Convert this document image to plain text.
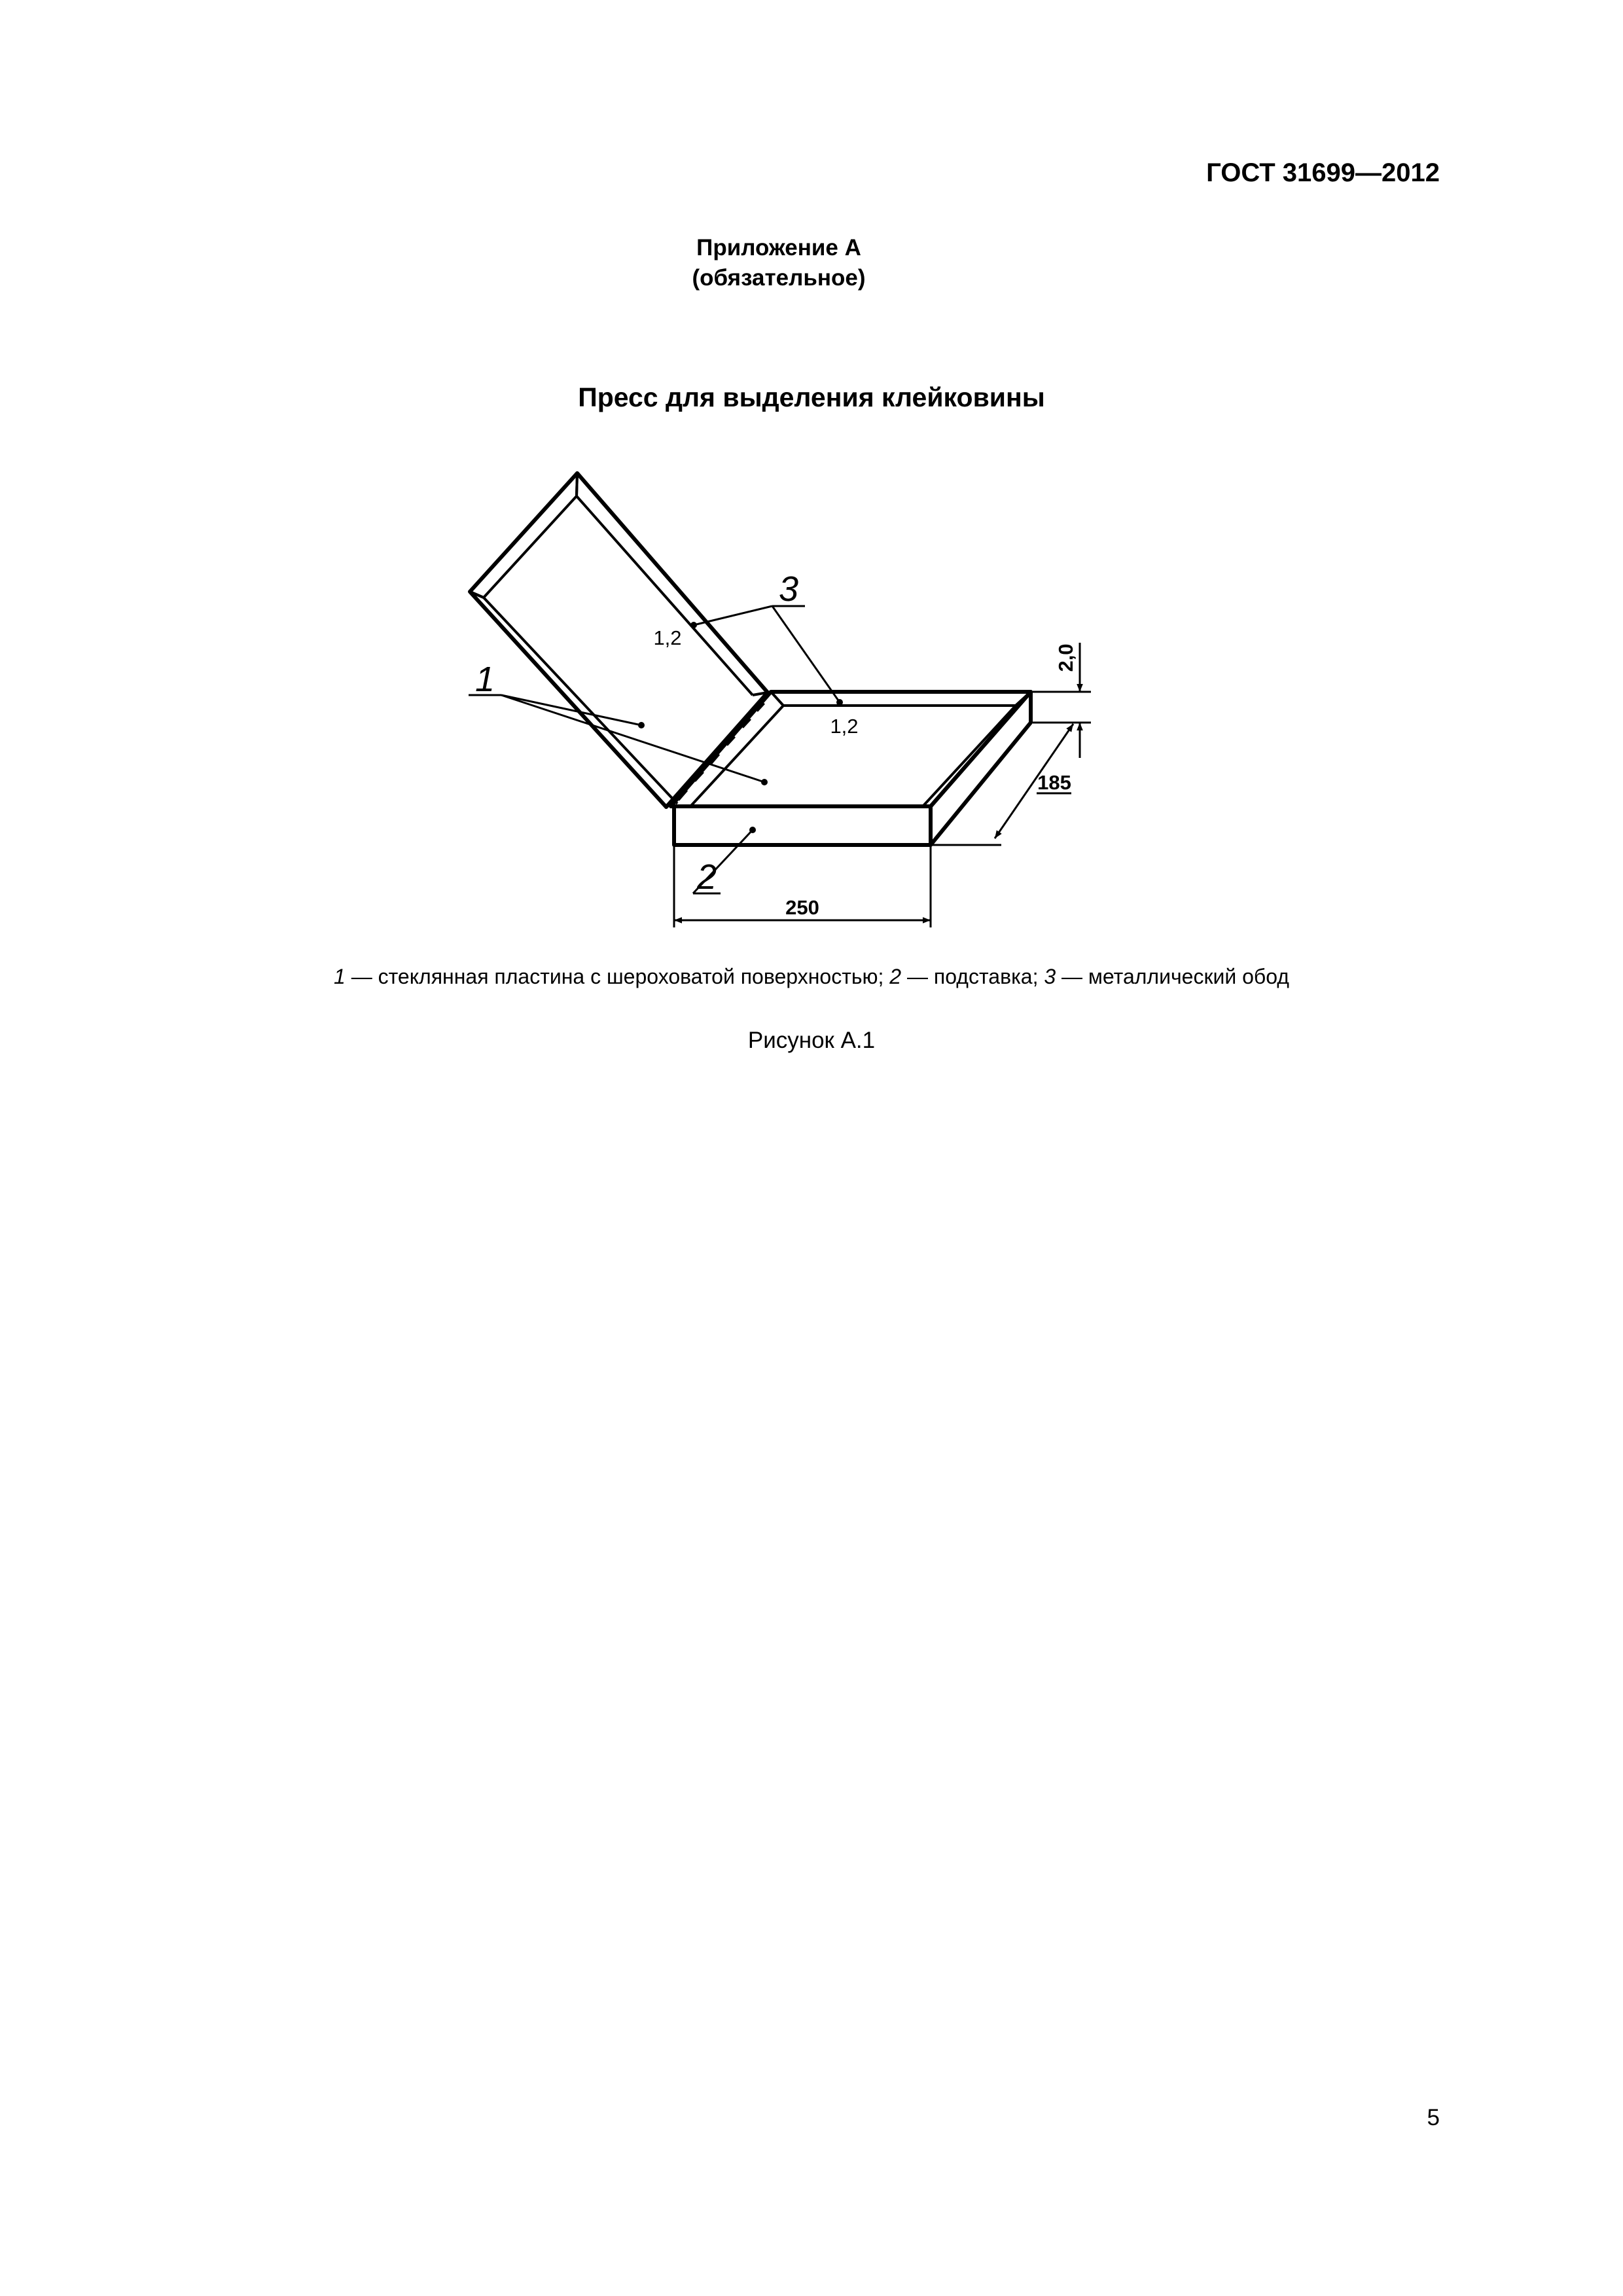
ГОСТ 31699—2012
Приложение А
(обязательное)
Пресс для выделения клейковины
1
3
2
1,2
1,2
2,0
185
250
1 — стеклянная пластина с шероховатой поверхностью; 2 — подставка; 3 — металлический обод
Рисунок А.1
5
